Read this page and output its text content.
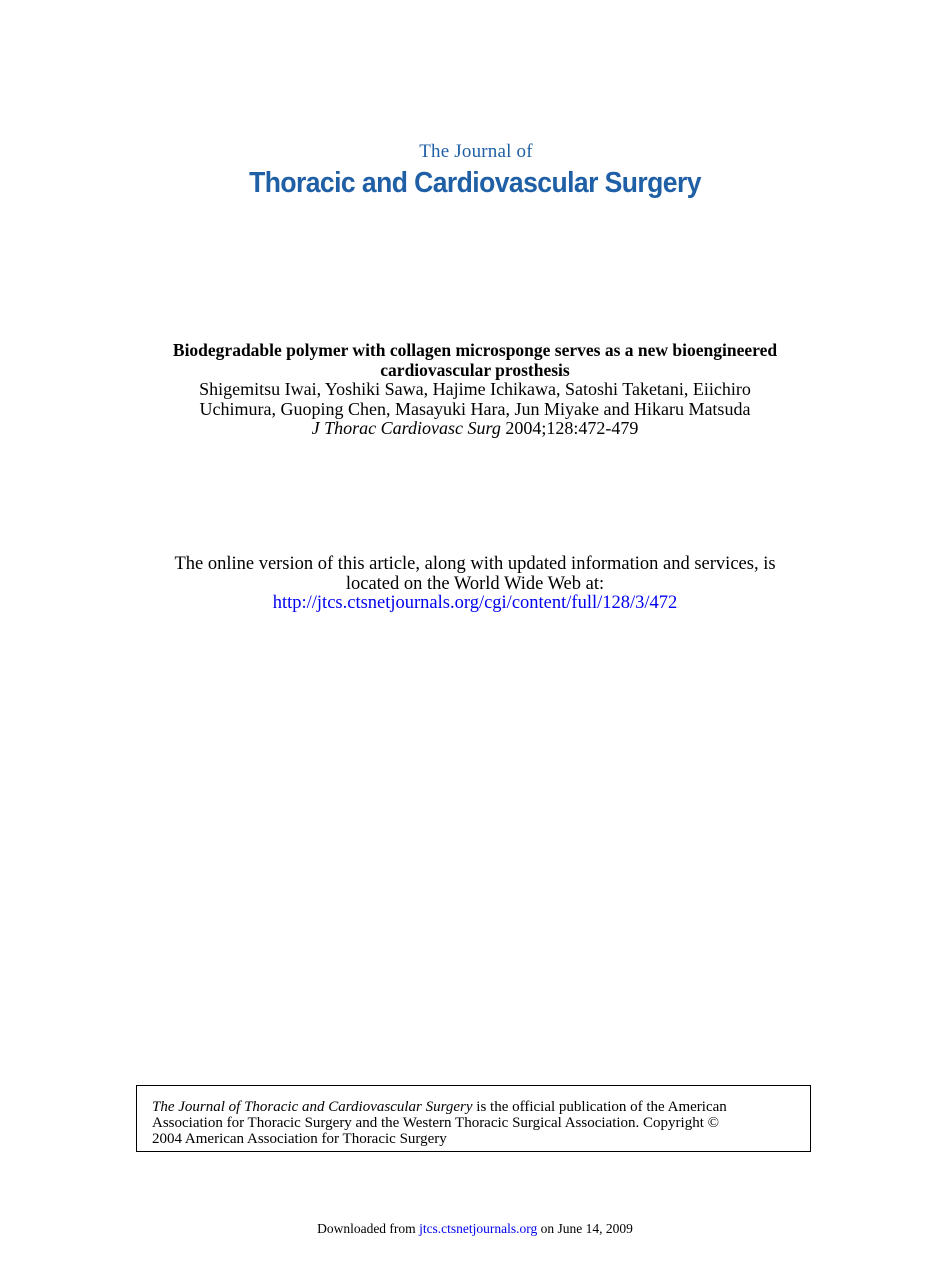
The Journal of
Thoracic and Cardiovascular Surgery
Biodegradable polymer with collagen microsponge serves as a new bioengineered
cardiovascular prosthesis
Shigemitsu Iwai, Yoshiki Sawa, Hajime Ichikawa, Satoshi Taketani, Eiichiro
Uchimura, Guoping Chen, Masayuki Hara, Jun Miyake and Hikaru Matsuda
J Thorac Cardiovasc Surg 2004;128:472-479
The online version of this article, along with updated information and services, is
located on the World Wide Web at:
http://jtcs.ctsnetjournals.org/cgi/content/full/128/3/472
The Journal of Thoracic and Cardiovascular Surgery is the official publication of the American
Association for Thoracic Surgery and the Western Thoracic Surgical Association. Copyright ©
2004 American Association for Thoracic Surgery
Downloaded from jtcs.ctsnetjournals.org on June 14, 2009
